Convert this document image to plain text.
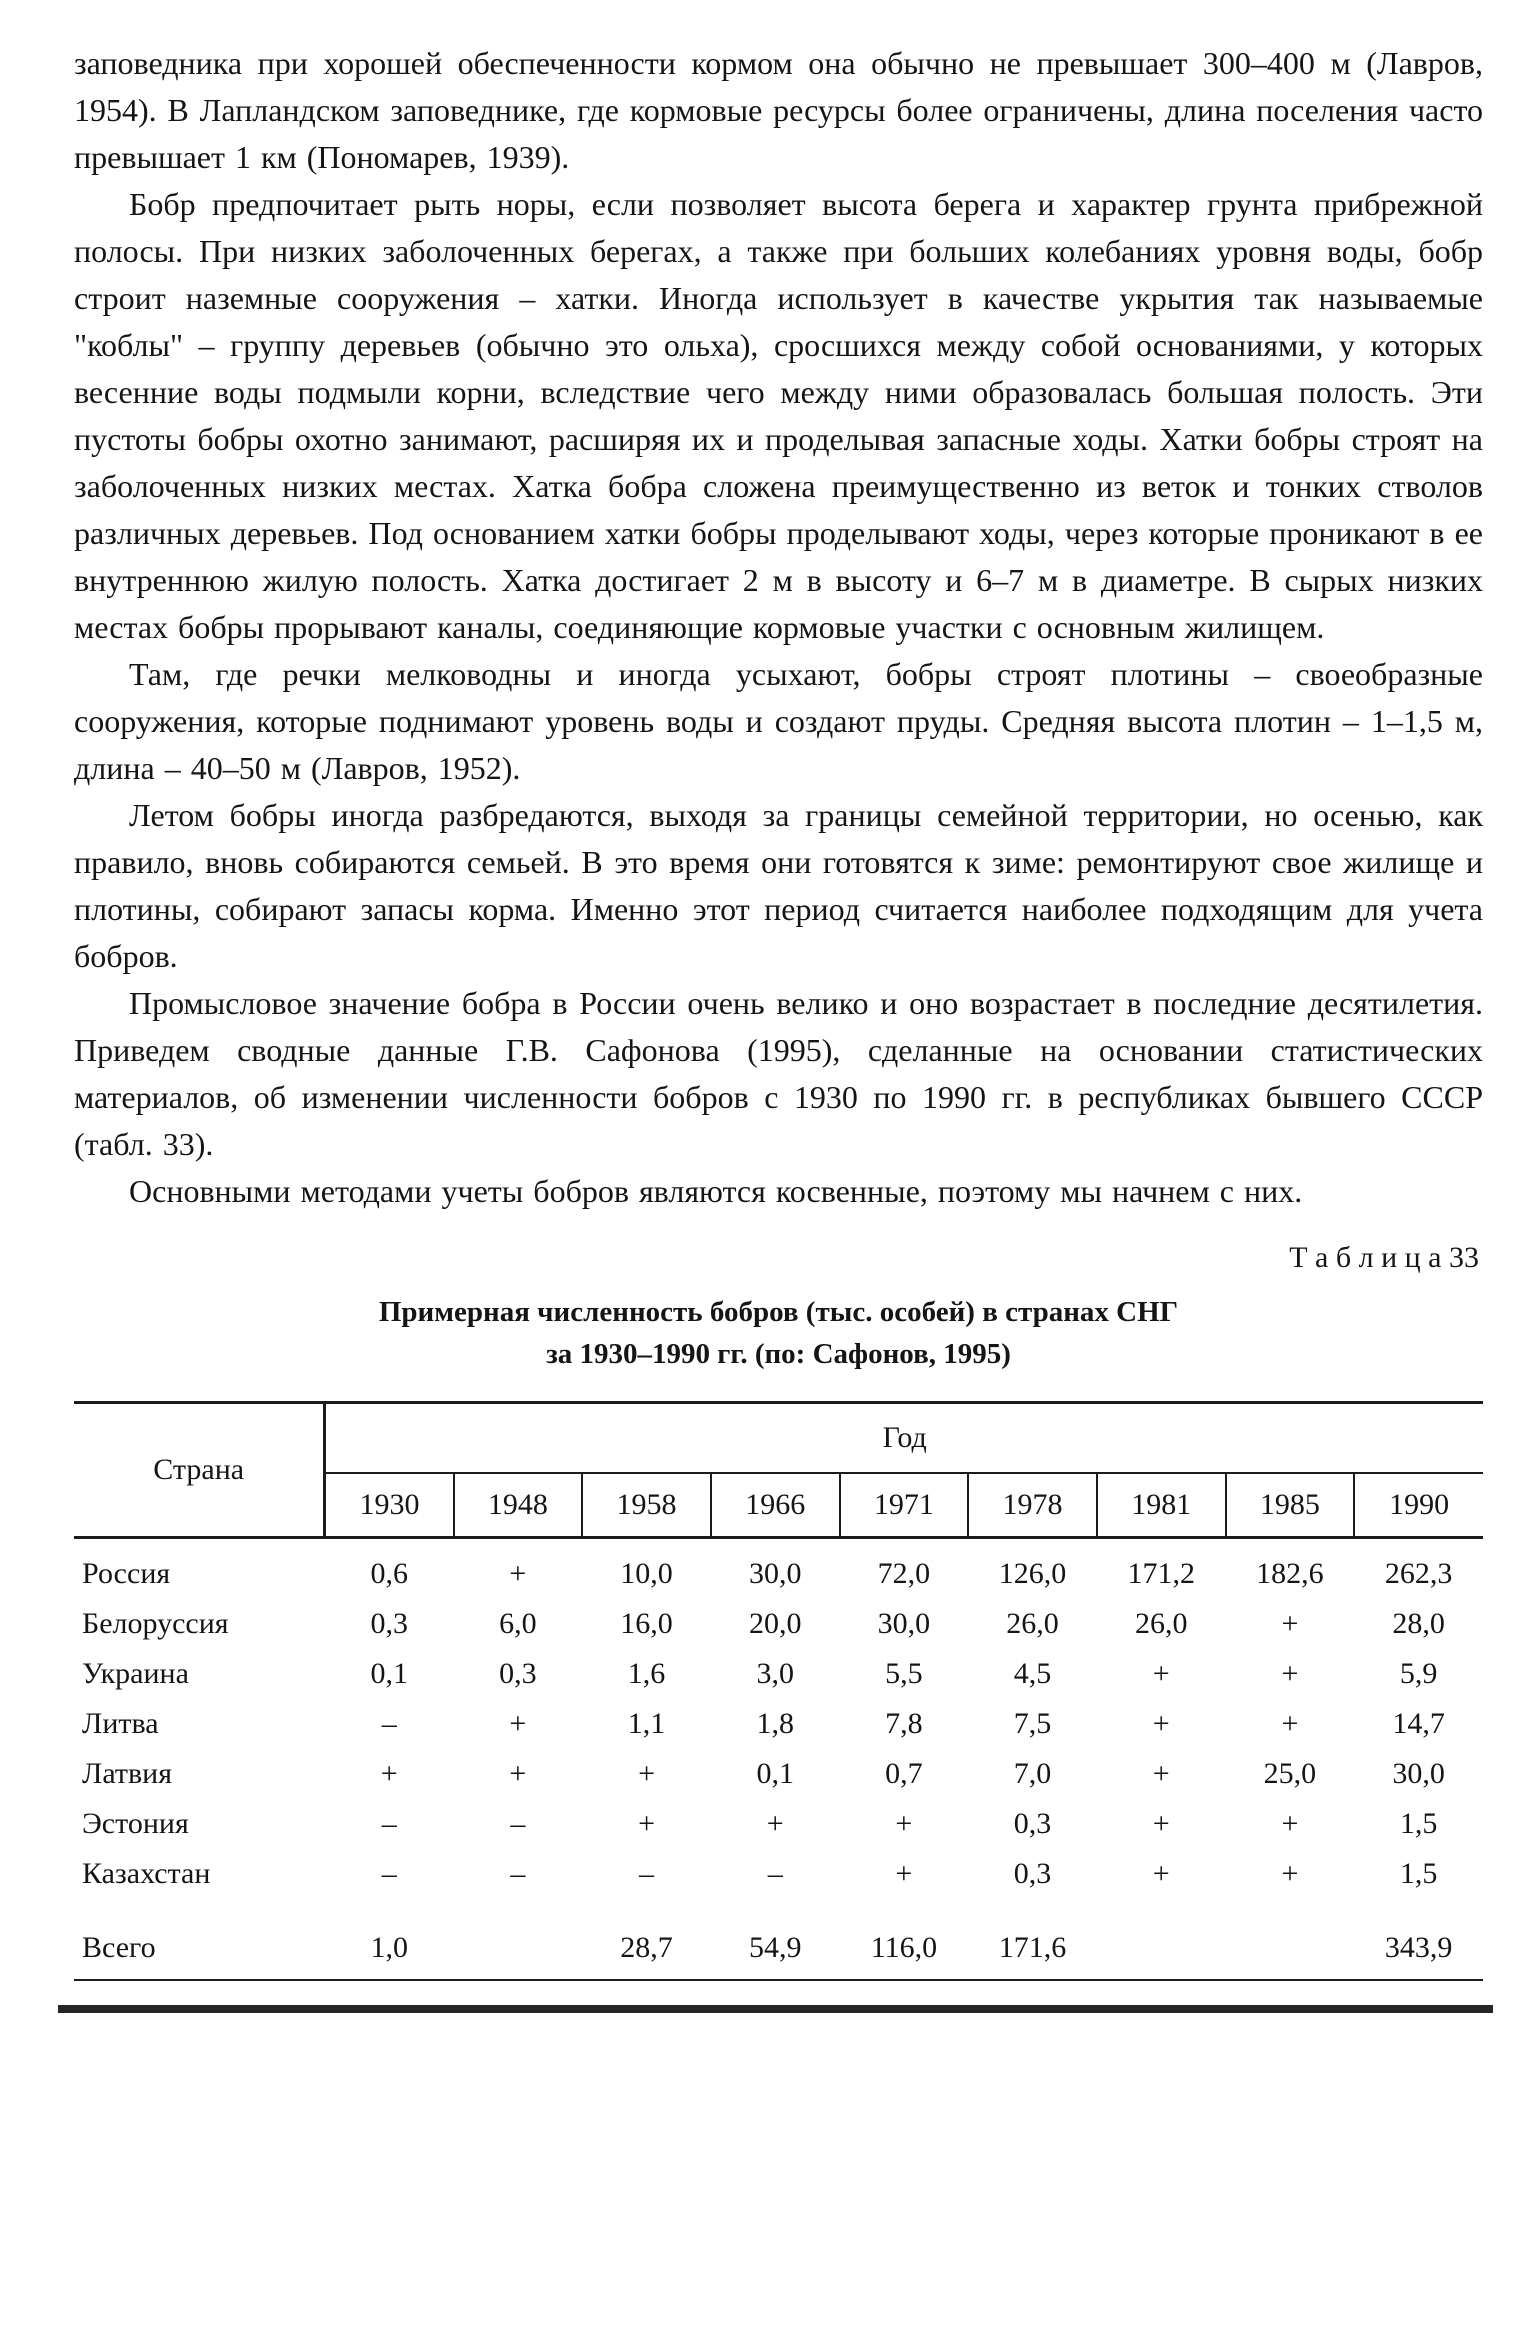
заповедника при хорошей обеспеченности кормом она обычно не превышает 300–400 м (Лавров, 1954). В Лапландском заповеднике, где кормовые ресурсы более ограничены, длина поселения часто превышает 1 км (Пономарев, 1939).

Бобр предпочитает рыть норы, если позволяет высота берега и характер грунта прибрежной полосы. При низких заболоченных берегах, а также при больших колебаниях уровня воды, бобр строит наземные сооружения – хатки. Иногда использует в качестве укрытия так называемые "коблы" – группу деревьев (обычно это ольха), сросшихся между собой основаниями, у которых весенние воды подмыли корни, вследствие чего между ними образовалась большая полость. Эти пустоты бобры охотно занимают, расширяя их и проделывая запасные ходы. Хатки бобры строят на заболоченных низких местах. Хатка бобра сложена преимущественно из веток и тонких стволов различных деревьев. Под основанием хатки бобры проделывают ходы, через которые проникают в ее внутреннюю жилую полость. Хатка достигает 2 м в высоту и 6–7 м в диаметре. В сырых низких местах бобры прорывают каналы, соединяющие кормовые участки с основным жилищем.

Там, где речки мелководны и иногда усыхают, бобры строят плотины – своеобразные сооружения, которые поднимают уровень воды и создают пруды. Средняя высота плотин – 1–1,5 м, длина – 40–50 м (Лавров, 1952).

Летом бобры иногда разбредаются, выходя за границы семейной территории, но осенью, как правило, вновь собираются семьей. В это время они готовятся к зиме: ремонтируют свое жилище и плотины, собирают запасы корма. Именно этот период считается наиболее подходящим для учета бобров.

Промысловое значение бобра в России очень велико и оно возрастает в последние десятилетия. Приведем сводные данные Г.В. Сафонова (1995), сделанные на основании статистических материалов, об изменении численности бобров с 1930 по 1990 гг. в республиках бывшего СССР (табл. 33).

Основными методами учеты бобров являются косвенные, поэтому мы начнем с них.

Т а б л и ц а 33
Примерная численность бобров (тыс. особей) в странах СНГ
за 1930–1990 гг. (по: Сафонов, 1995)
Страна	Год								
	1930	1948	1958	1966	1971	1978	1981	1985	1990
Россия	0,6	+	10,0	30,0	72,0	126,0	171,2	182,6	262,3
Белоруссия	0,3	6,0	16,0	20,0	30,0	26,0	26,0	+	28,0
Украина	0,1	0,3	1,6	3,0	5,5	4,5	+	+	5,9
Литва	–	+	1,1	1,8	7,8	7,5	+	+	14,7
Латвия	+	+	+	0,1	0,7	7,0	+	25,0	30,0
Эстония	–	–	+	+	+	0,3	+	+	1,5
Казахстан	–	–	–	–	+	0,3	+	+	1,5
Всего	1,0		28,7	54,9	116,0	171,6			343,9
